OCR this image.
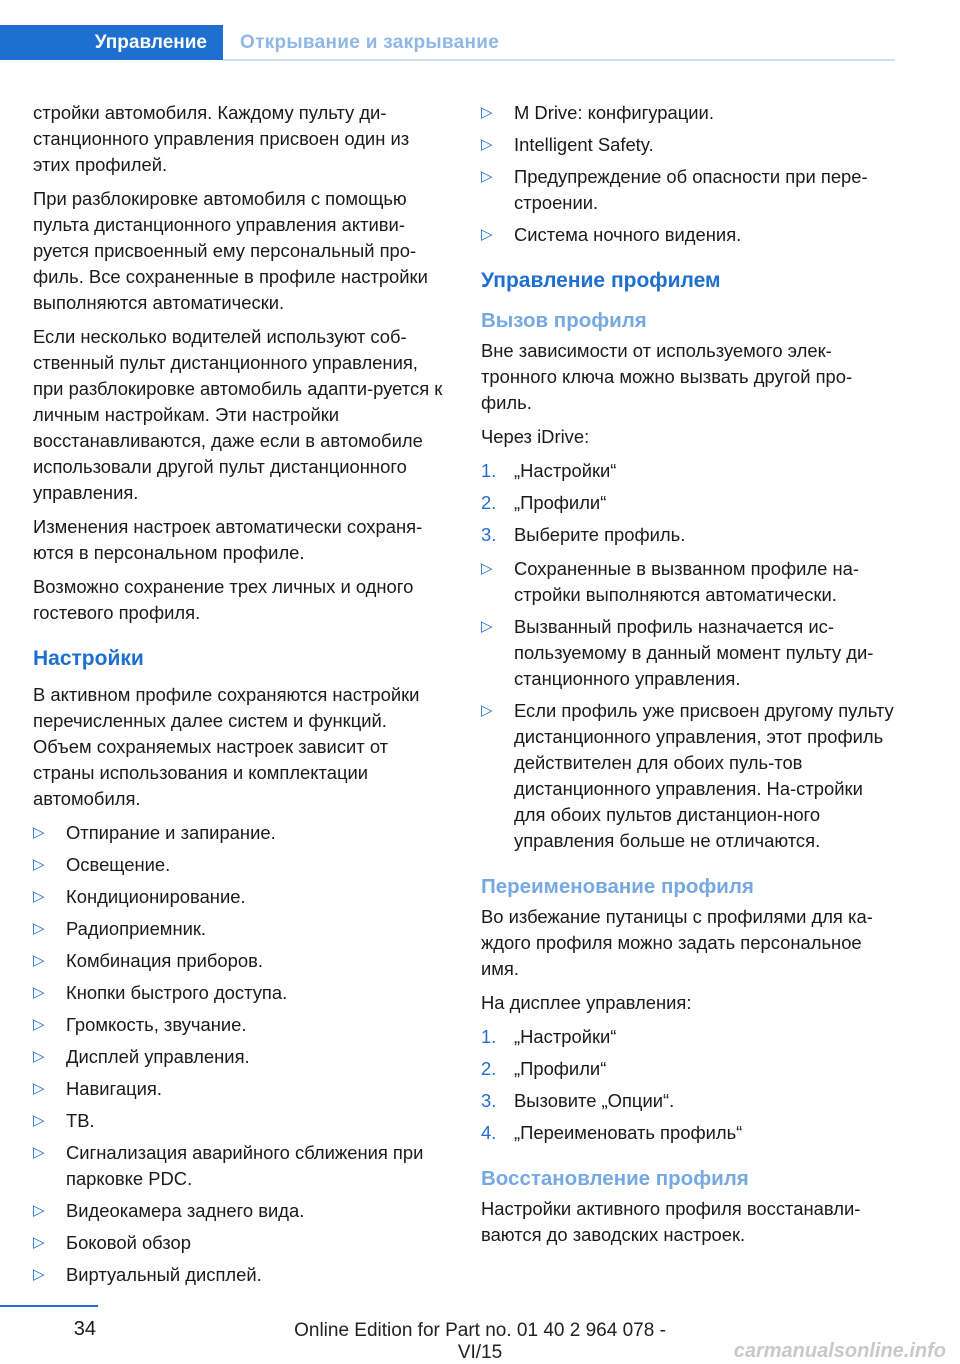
Управление Открывание и закрывание

стройки автомобиля. Каждому пульту ди-станционного управления присвоен один из этих профилей.

При разблокировке автомобиля с помощью пульта дистанционного управления активи-руется присвоенный ему персональный про-филь. Все сохраненные в профиле настройки выполняются автоматически.

Если несколько водителей используют соб-ственный пульт дистанционного управления, при разблокировке автомобиль адапти-руется к личным настройкам. Эти настройки восстанавливаются, даже если в автомобиле использовали другой пульт дистанционного управления.

Изменения настроек автоматически сохраня-ются в персональном профиле.

Возможно сохранение трех личных и одного гостевого профиля.

Настройки

В активном профиле сохраняются настройки перечисленных далее систем и функций. Объем сохраняемых настроек зависит от страны использования и комплектации автомобиля.

▷ Отпирание и запирание.
▷ Освещение.
▷ Кондиционирование.
▷ Радиоприемник.
▷ Комбинация приборов.
▷ Кнопки быстрого доступа.
▷ Громкость, звучание.
▷ Дисплей управления.
▷ Навигация.
▷ ТВ.
▷ Сигнализация аварийного сближения при парковке PDC.
▷ Видеокамера заднего вида.
▷ Боковой обзор
▷ Виртуальный дисплей.
▷ M Drive: конфигурации.
▷ Intelligent Safety.
▷ Предупреждение об опасности при пере-строении.
▷ Система ночного видения.
Управление профилем
Вызов профиля

Вне зависимости от используемого элек-тронного ключа можно вызвать другой про-филь.

Через iDrive:

1. „Настройки“
2. „Профили“
3. Выберите профиль.
▷ Сохраненные в вызванном профиле на-стройки выполняются автоматически.
▷ Вызванный профиль назначается ис-пользуемому в данный момент пульту ди-станционного управления.
▷ Если профиль уже присвоен другому пульту дистанционного управления, этот профиль действителен для обоих пуль-тов дистанционного управления. На-стройки для обоих пультов дистанцион-ного управления больше не отличаются.
Переименование профиля

Во избежание путаницы с профилями для ка-ждого профиля можно задать персональное имя.

На дисплее управления:

1. „Настройки“
2. „Профили“
3. Вызовите „Опции“.
4. „Переименовать профиль“
Восстановление профиля

Настройки активного профиля восстанавли-ваются до заводских настроек.

34	Online Edition for Part no. 01 40 2 964 078 - VI/15	carmanualsonline.info
